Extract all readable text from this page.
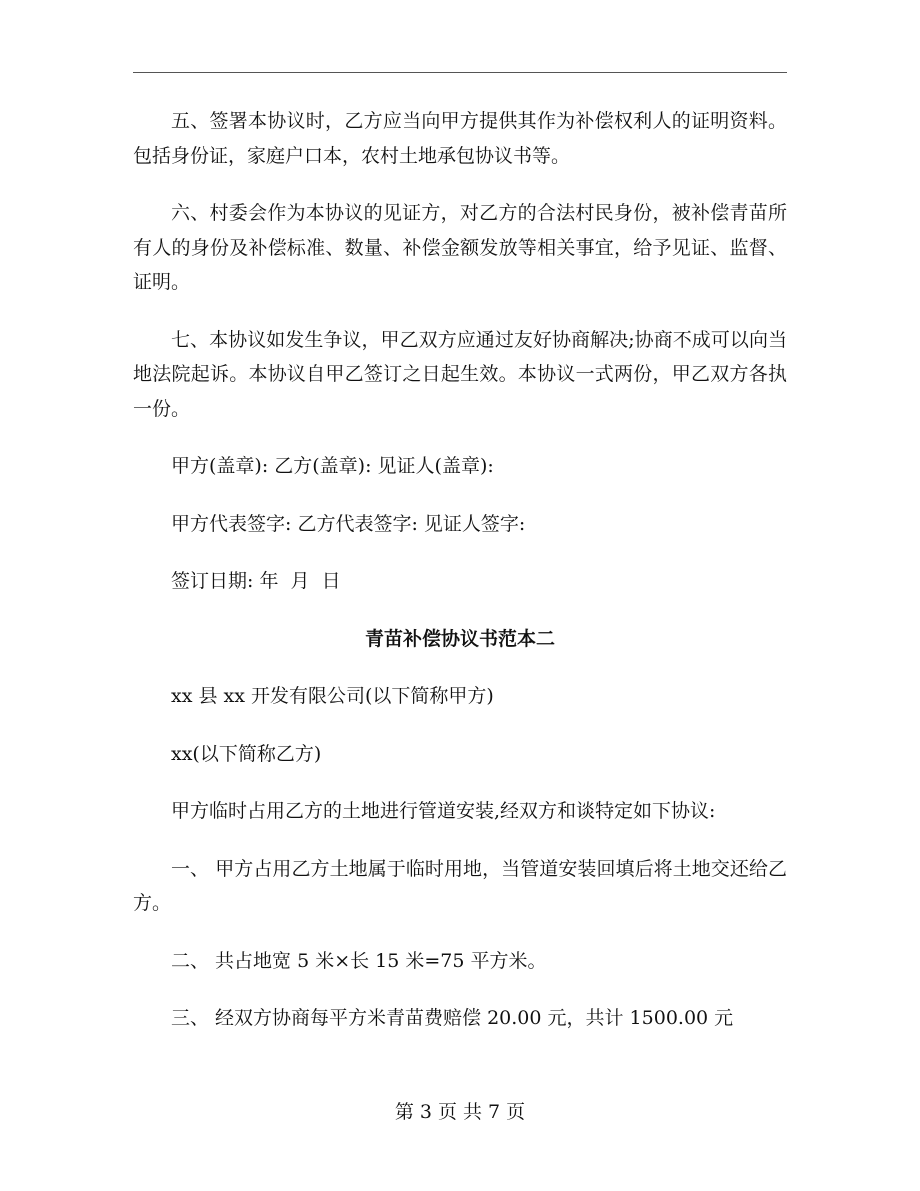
五、签署本协议时，乙方应当向甲方提供其作为补偿权利人的证明资料。包括身份证，家庭户口本，农村土地承包协议书等。

六、村委会作为本协议的见证方，对乙方的合法村民身份，被补偿青苗所有人的身份及补偿标准、数量、补偿金额发放等相关事宜，给予见证、监督、证明。

七、本协议如发生争议，甲乙双方应通过友好协商解决;协商不成可以向当地法院起诉。本协议自甲乙签订之日起生效。本协议一式两份，甲乙双方各执一份。

甲方(盖章): 乙方(盖章): 见证人(盖章):

甲方代表签字: 乙方代表签字: 见证人签字:

签订日期: 年  月  日

青苗补偿协议书范本二

xx 县 xx 开发有限公司(以下简称甲方)

xx(以下简称乙方)

甲方临时占用乙方的土地进行管道安装,经双方和谈特定如下协议:

一、 甲方占用乙方土地属于临时用地，当管道安装回填后将土地交还给乙方。

二、 共占地宽 5 米×长 15 米=75 平方米。

三、 经双方协商每平方米青苗费赔偿 20.00 元，共计 1500.00 元

第 3 页 共 7 页
